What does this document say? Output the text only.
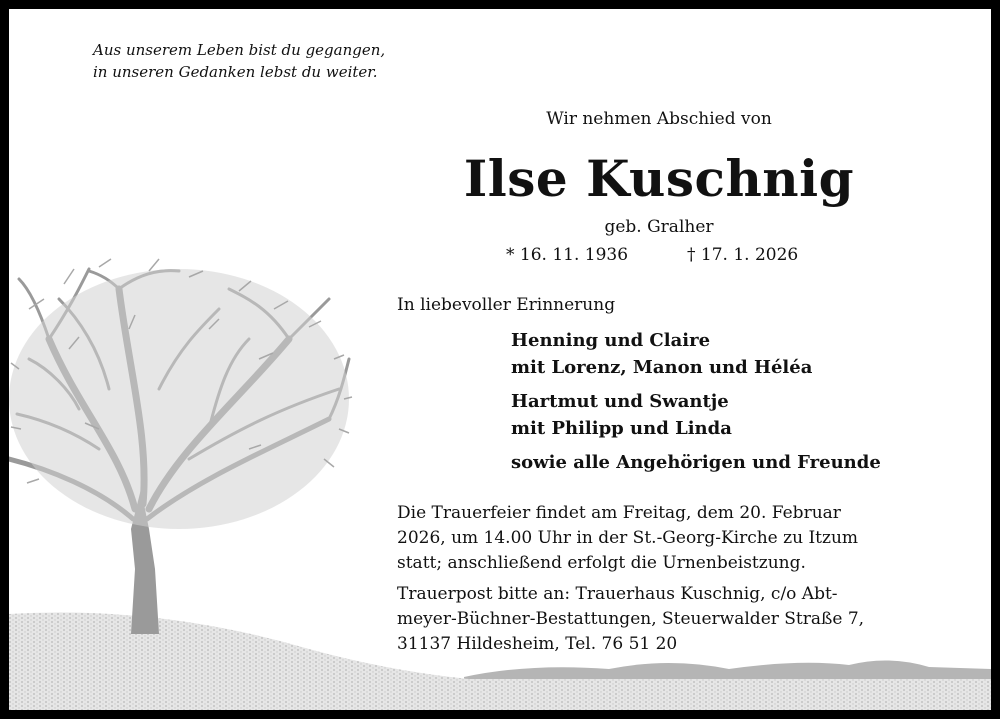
Aus unserem Leben bist du gegangen,
in unseren Gedanken lebst du weiter.
Wir nehmen Abschied von
Ilse Kuschnig
geb. Gralher
* 16. 11. 1936	† 17. 1. 2026
In liebevoller Erinnerung
Henning und Claire
mit Lorenz, Manon und Héléa
Hartmut und Swantje
mit Philipp und Linda
sowie alle Angehörigen und Freunde
Die Trauerfeier findet am Freitag, dem 20. Februar
2026, um 14.00 Uhr in der St.-Georg-Kirche zu Itzum
statt; anschließend erfolgt die Urnenbeistzung.
Trauerpost bitte an: Trauerhaus Kuschnig, c/o Abt-
meyer-Büchner-Bestattungen, Steuerwalder Straße 7,
31137 Hildesheim, Tel. 76 51 20
